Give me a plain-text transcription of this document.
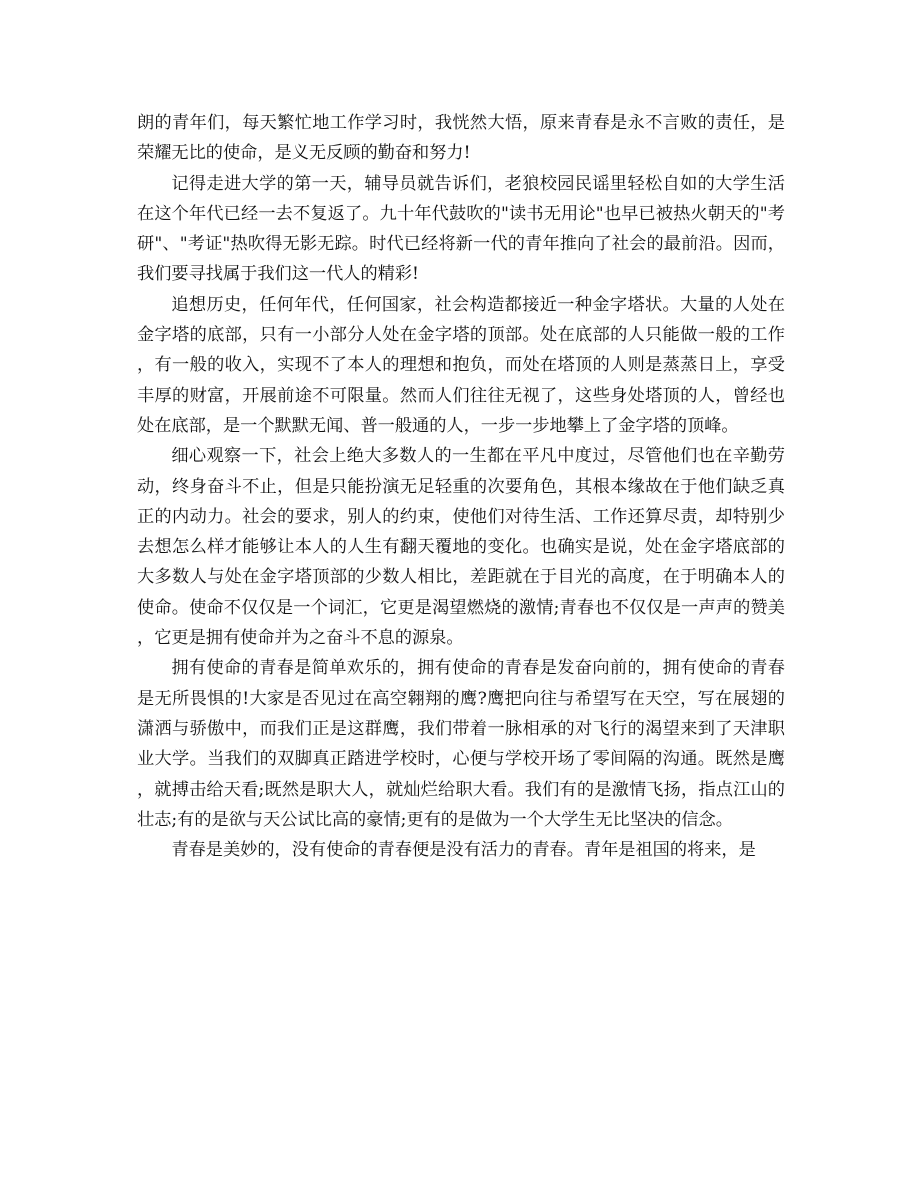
朗的青年们，每天繁忙地工作学习时，我恍然大悟，原来青春是永不言败的责任，是荣耀无比的使命，是义无反顾的勤奋和努力!

记得走进大学的第一天，辅导员就告诉们，老狼校园民谣里轻松自如的大学生活在这个年代已经一去不复返了。九十年代鼓吹的"读书无用论"也早已被热火朝天的"考研"、"考证"热吹得无影无踪。时代已经将新一代的青年推向了社会的最前沿。因而，我们要寻找属于我们这一代人的精彩!

追想历史，任何年代，任何国家，社会构造都接近一种金字塔状。大量的人处在金字塔的底部，只有一小部分人处在金字塔的顶部。处在底部的人只能做一般的工作，有一般的收入，实现不了本人的理想和抱负，而处在塔顶的人则是蒸蒸日上，享受丰厚的财富，开展前途不可限量。然而人们往往无视了，这些身处塔顶的人，曾经也处在底部，是一个默默无闻、普一般通的人，一步一步地攀上了金字塔的顶峰。

细心观察一下，社会上绝大多数人的一生都在平凡中度过，尽管他们也在辛勤劳动，终身奋斗不止，但是只能扮演无足轻重的次要角色，其根本缘故在于他们缺乏真正的内动力。社会的要求，别人的约束，使他们对待生活、工作还算尽责，却特别少去想怎么样才能够让本人的人生有翻天覆地的变化。也确实是说，处在金字塔底部的大多数人与处在金字塔顶部的少数人相比，差距就在于目光的高度，在于明确本人的使命。使命不仅仅是一个词汇，它更是渴望燃烧的激情;青春也不仅仅是一声声的赞美，它更是拥有使命并为之奋斗不息的源泉。

拥有使命的青春是简单欢乐的，拥有使命的青春是发奋向前的，拥有使命的青春是无所畏惧的!大家是否见过在高空翱翔的鹰?鹰把向往与希望写在天空，写在展翅的潇洒与骄傲中，而我们正是这群鹰，我们带着一脉相承的对飞行的渴望来到了天津职业大学。当我们的双脚真正踏进学校时，心便与学校开场了零间隔的沟通。既然是鹰，就搏击给天看;既然是职大人，就灿烂给职大看。我们有的是激情飞扬，指点江山的壮志;有的是欲与天公试比高的豪情;更有的是做为一个大学生无比坚决的信念。

青春是美妙的，没有使命的青春便是没有活力的青春。青年是祖国的将来，是
